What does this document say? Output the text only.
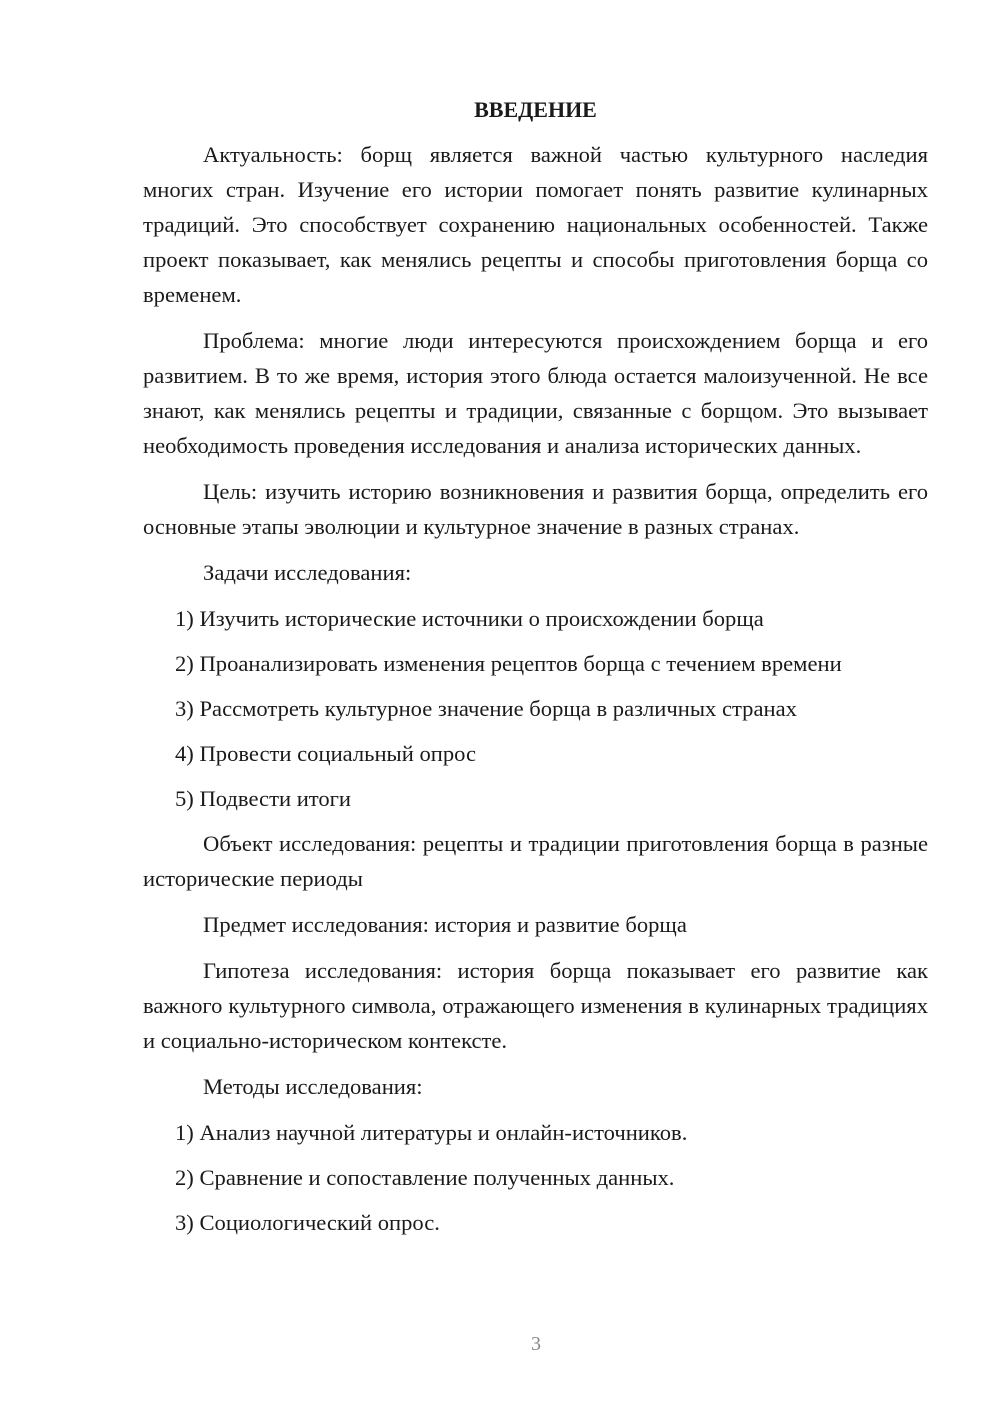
ВВЕДЕНИЕ

Актуальность: борщ является важной частью культурного наследия многих стран. Изучение его истории помогает понять развитие кулинарных традиций. Это способствует сохранению национальных особенностей. Также проект показывает, как менялись рецепты и способы приготовления борща со временем.

Проблема: многие люди интересуются происхождением борща и его развитием. В то же время, история этого блюда остается малоизученной. Не все знают, как менялись рецепты и традиции, связанные с борщом. Это вызывает необходимость проведения исследования и анализа исторических данных.

Цель: изучить историю возникновения и развития борща, определить его основные этапы эволюции и культурное значение в разных странах.

Задачи исследования:

1) Изучить исторические источники о происхождении борща

2) Проанализировать изменения рецептов борща с течением времени

3) Рассмотреть культурное значение борща в различных странах

4) Провести социальный опрос

5) Подвести итоги

Объект исследования: рецепты и традиции приготовления борща в разные исторические периоды

Предмет исследования: история и развитие борща

Гипотеза исследования: история борща показывает его развитие как важного культурного символа, отражающего изменения в кулинарных традициях и социально-историческом контексте.

Методы исследования:

1) Анализ научной литературы и онлайн-источников.

2) Сравнение и сопоставление полученных данных.

3) Социологический опрос.

3
